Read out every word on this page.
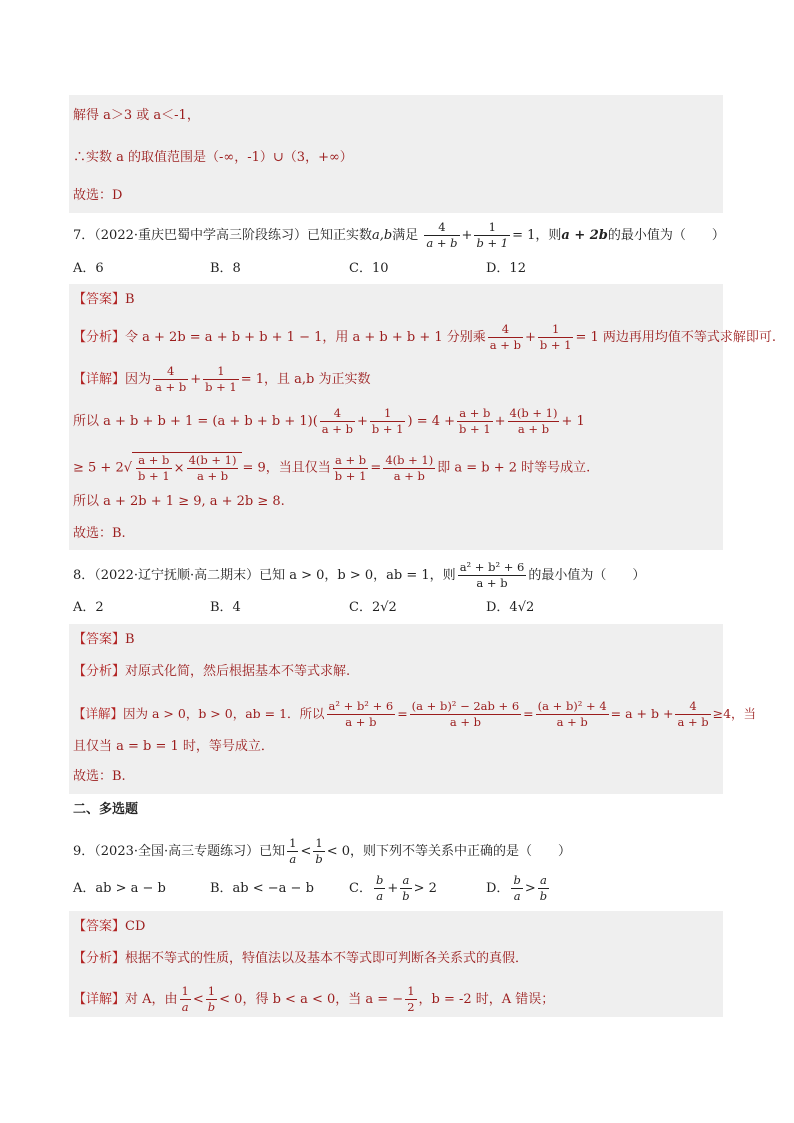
解得 a＞3 或 a＜-1，
∴实数 a 的取值范围是（-∞，-1）∪（3，+∞）
故选：D
7．（2022·重庆巴蜀中学高三阶段练习）已知正实数a,b满足 $\frac{4}{a + b} + \frac{1}{b + 1} = 1$，则a + 2b的最小值为（　　）
A．6	B．8	C．10	D．12
【答案】B
【分析】令 a + 2b = a + b + b + 1 − 1，用 a + b + b + 1 分别乘 $\frac{4}{a + b} + \frac{1}{b + 1} = 1$ 两边再用均值不等式求解即可.
【详解】因为 $\frac{4}{a + b} + \frac{1}{b + 1} = 1$，且 a,b 为正实数
所以 $a + b + b + 1 = (a + b + b + 1)( \frac{4}{a + b} + \frac{1}{b + 1}$ ) = $4 + \frac{a + b}{b + 1} + \frac{4(b + 1)}{a + b} + 1$
≥ $5 + 2√ \frac{a + b}{b + 1} \times \frac{4(b + 1)}{a + b} = 9$，当且仅当 $\frac{a + b}{b + 1} = \frac{4(b + 1)}{a + b}$ 即 a = b + 2 时等号成立.
所以 a + 2b + 1 ≥ 9, a + 2b ≥ 8.
故选：B.
8．（2022·辽宁抚顺·高二期末）已知 a > 0，b > 0，ab = 1，则 $\frac{\text{a² + b² + 6}}{a + b}$ 的最小值为（　　）
A．2	B．4	C．2√2	D．4√2
【答案】B
【分析】对原式化简，然后根据基本不等式求解.
【详解】因为 a > 0，b > 0，ab = 1．所以 $\frac{\text{a² + b² + 6}}{a + b} = \frac{\text{(a + b)² − 2ab + 6}}{a + b} = \frac{\text{(a + b)² + 4}}{a + b} = a + b + \frac{4}{a + b} \ge 4$，当
且仅当 a = b = 1 时，等号成立．
故选：B.
二、多选题
9．（2023·全国·高三专题练习）已知 $\frac{1}{a} < \frac{1}{b} < 0$，则下列不等关系中正确的是（　　）
A．ab > a − b	B．ab < −a − b	C． $\frac{b}{a} + \frac{a}{b} > 2$	D． $\frac{b}{a} > \frac{a}{b}$
【答案】CD
【分析】根据不等式的性质，特值法以及基本不等式即可判断各关系式的真假．
【详解】对 A，由 $\frac{1}{a} < \frac{1}{b} < 0$，得 b < a < 0，当 a = − $\frac{1}{2}$ ，b = -2 时，A 错误；
